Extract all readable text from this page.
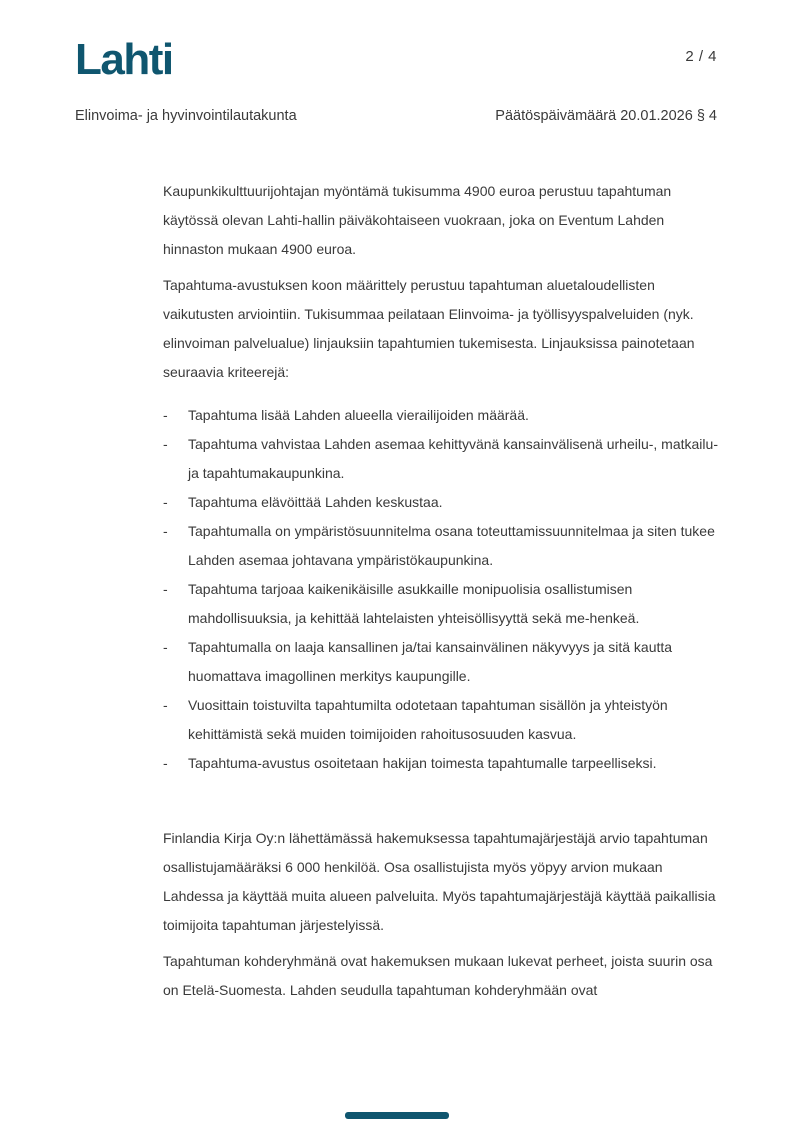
Lahti	2 / 4
Elinvoima- ja hyvinvointilautakunta	Päätöspäivämäärä 20.01.2026 § 4

Kaupunkikulttuurijohtajan myöntämä tukisumma 4900 euroa perustuu tapahtuman käytössä olevan Lahti-hallin päiväkohtaiseen vuokraan, joka on Eventum Lahden hinnaston mukaan 4900 euroa.

Tapahtuma-avustuksen koon määrittely perustuu tapahtuman aluetaloudellisten vaikutusten arviointiin. Tukisummaa peilataan Elinvoima- ja työllisyyspalveluiden (nyk. elinvoiman palvelualue) linjauksiin tapahtumien tukemisesta. Linjauksissa painotetaan seuraavia kriteerejä:

-	Tapahtuma lisää Lahden alueella vierailijoiden määrää.
-	Tapahtuma vahvistaa Lahden asemaa kehittyvänä kansainvälisenä urheilu-, matkailu- ja tapahtumakaupunkina.
-	Tapahtuma elävöittää Lahden keskustaa.
-	Tapahtumalla on ympäristösuunnitelma osana toteuttamissuunnitelmaa ja siten tukee Lahden asemaa johtavana ympäristökaupunkina.
-	Tapahtuma tarjoaa kaikenikäisille asukkaille monipuolisia osallistumisen mahdollisuuksia, ja kehittää lahtelaisten yhteisöllisyyttä sekä me-henkeä.
-	Tapahtumalla on laaja kansallinen ja/tai kansainvälinen näkyvyys ja sitä kautta huomattava imagollinen merkitys kaupungille.
-	Vuosittain toistuvilta tapahtumilta odotetaan tapahtuman sisällön ja yhteistyön kehittämistä sekä muiden toimijoiden rahoitusosuuden kasvua.
-	Tapahtuma-avustus osoitetaan hakijan toimesta tapahtumalle tarpeelliseksi.

Finlandia Kirja Oy:n lähettämässä hakemuksessa tapahtumajärjestäjä arvio tapahtuman osallistujamääräksi 6 000 henkilöä. Osa osallistujista myös yöpyy arvion mukaan Lahdessa ja käyttää muita alueen palveluita. Myös tapahtumajärjestäjä käyttää paikallisia toimijoita tapahtuman järjestelyissä.

Tapahtuman kohderyhmänä ovat hakemuksen mukaan lukevat perheet, joista suurin osa on Etelä-Suomesta. Lahden seudulla tapahtuman kohderyhmään ovat
